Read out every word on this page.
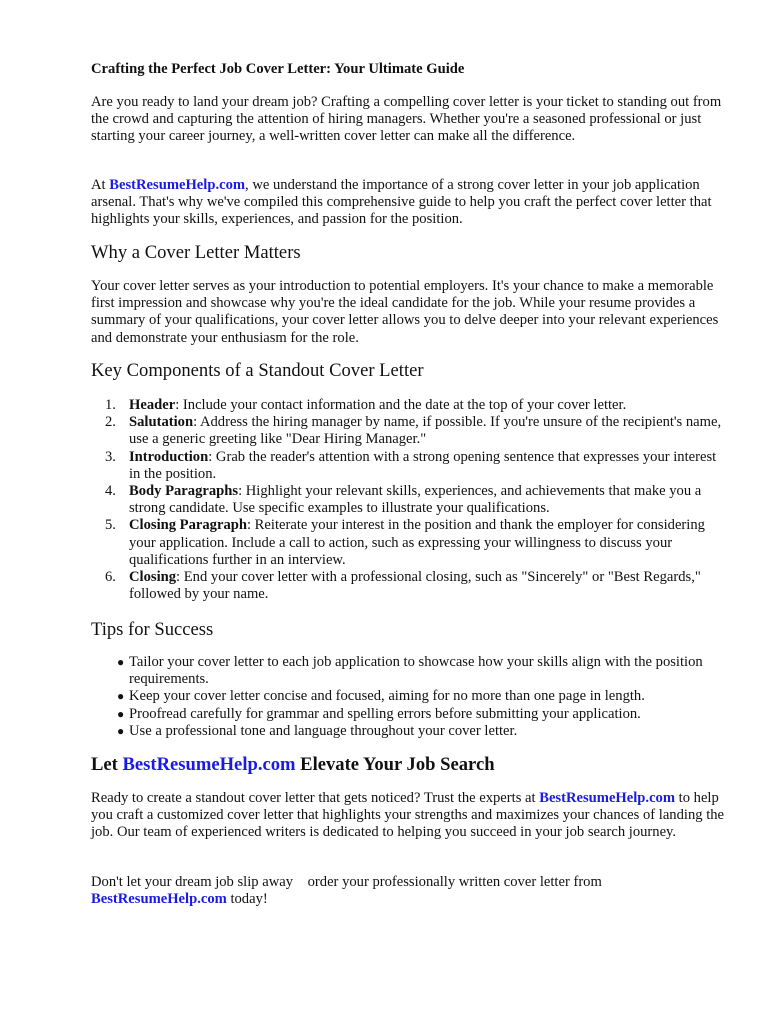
Crafting the Perfect Job Cover Letter: Your Ultimate Guide

Are you ready to land your dream job? Crafting a compelling cover letter is your ticket to standing out from the crowd and capturing the attention of hiring managers. Whether you're a seasoned professional or just starting your career journey, a well-written cover letter can make all the difference.

At BestResumeHelp.com, we understand the importance of a strong cover letter in your job application arsenal. That's why we've compiled this comprehensive guide to help you craft the perfect cover letter that highlights your skills, experiences, and passion for the position.

Why a Cover Letter Matters

Your cover letter serves as your introduction to potential employers. It's your chance to make a memorable first impression and showcase why you're the ideal candidate for the job. While your resume provides a summary of your qualifications, your cover letter allows you to delve deeper into your relevant experiences and demonstrate your enthusiasm for the role.

Key Components of a Standout Cover Letter
1. Header: Include your contact information and the date at the top of your cover letter.
2. Salutation: Address the hiring manager by name, if possible. If you're unsure of the recipient's name, use a generic greeting like "Dear Hiring Manager."
3. Introduction: Grab the reader's attention with a strong opening sentence that expresses your interest in the position.
4. Body Paragraphs: Highlight your relevant skills, experiences, and achievements that make you a strong candidate. Use specific examples to illustrate your qualifications.
5. Closing Paragraph: Reiterate your interest in the position and thank the employer for considering your application. Include a call to action, such as expressing your willingness to discuss your qualifications further in an interview.
6. Closing: End your cover letter with a professional closing, such as "Sincerely" or "Best Regards," followed by your name.
Tips for Success
● Tailor your cover letter to each job application to showcase how your skills align with the position requirements.
● Keep your cover letter concise and focused, aiming for no more than one page in length.
● Proofread carefully for grammar and spelling errors before submitting your application.
● Use a professional tone and language throughout your cover letter.
Let BestResumeHelp.com Elevate Your Job Search

Ready to create a standout cover letter that gets noticed? Trust the experts at BestResumeHelp.com to help you craft a customized cover letter that highlights your strengths and maximizes your chances of landing the job. Our team of experienced writers is dedicated to helping you succeed in your job search journey.

Don't let your dream job slip away    order your professionally written cover letter from BestResumeHelp.com today!
